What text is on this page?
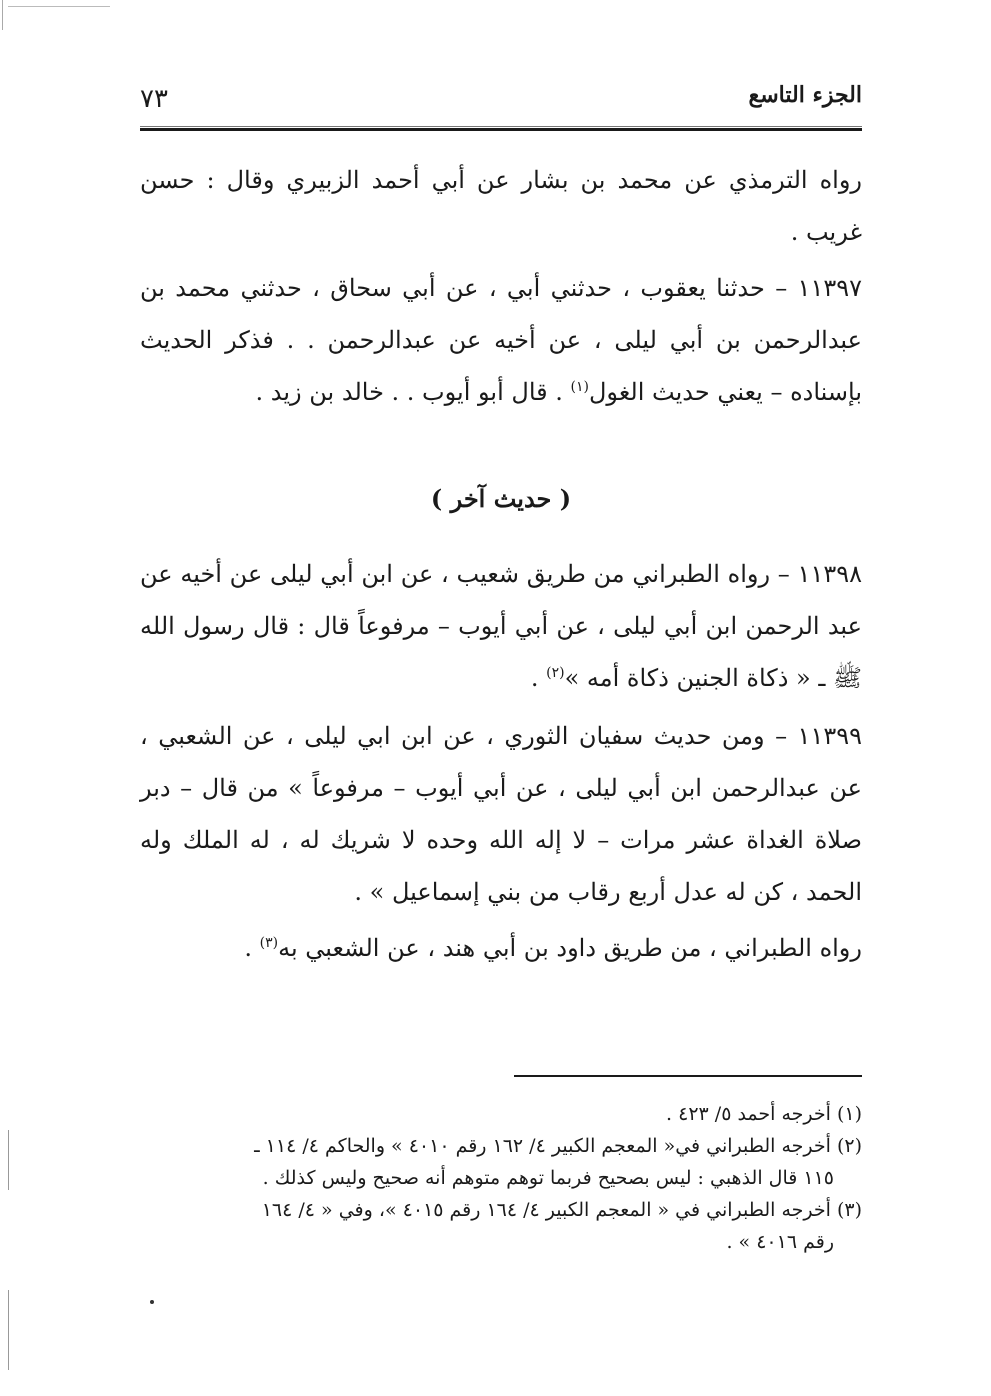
الجزء التاسع
٧٣
رواه الترمذي عن محمد بن بشار عن أبي أحمد الزبيري وقال : حسن غريب .
١١٣٩٧ – حدثنا يعقوب ، حدثني أبي ، عن أبي سحاق ، حدثني محمد بن عبدالرحمن بن أبي ليلى ، عن أخيه عن عبدالرحمن . . فذكر الحديث بإسناده – يعني حديث الغول$^{(١)}$ . قال أبو أيوب . . خالد بن زيد .
( حديث آخر )
١١٣٩٨ – رواه الطبراني من طريق شعيب ، عن ابن أبي ليلى عن أخيه عن عبد الرحمن ابن أبي ليلى ، عن أبي أيوب – مرفوعاً قال : قال رسول الله ﷺ ـ « ذكاة الجنين ذكاة أمه »$^{(٢)}$ .
١١٣٩٩ – ومن حديث سفيان الثوري ، عن ابن ابي ليلى ، عن الشعبي ، عن عبدالرحمن ابن أبي ليلى ، عن أبي أيوب – مرفوعاً » من قال – دبر صلاة الغداة عشر مرات – لا إله الله وحده لا شريك له ، له الملك وله الحمد ، كن له عدل أربع رقاب من بني إسماعيل » .
رواه الطبراني ، من طريق داود بن أبي هند ، عن الشعبي به$^{(٣)}$ .
(١) أخرجه أحمد ٥/ ٤٢٣ .
(٢) أخرجه الطبراني في« المعجم الكبير ٤/ ١٦٢ رقم ٤٠١٠ » والحاكم ٤/ ١١٤ ـ
١١٥ قال الذهبي : ليس بصحيح فربما توهم متوهم أنه صحيح وليس كذلك .
(٣) أخرجه الطبراني في « المعجم الكبير ٤/ ١٦٤ رقم ٤٠١٥ »، وفي « ٤/ ١٦٤
رقم ٤٠١٦ » .
